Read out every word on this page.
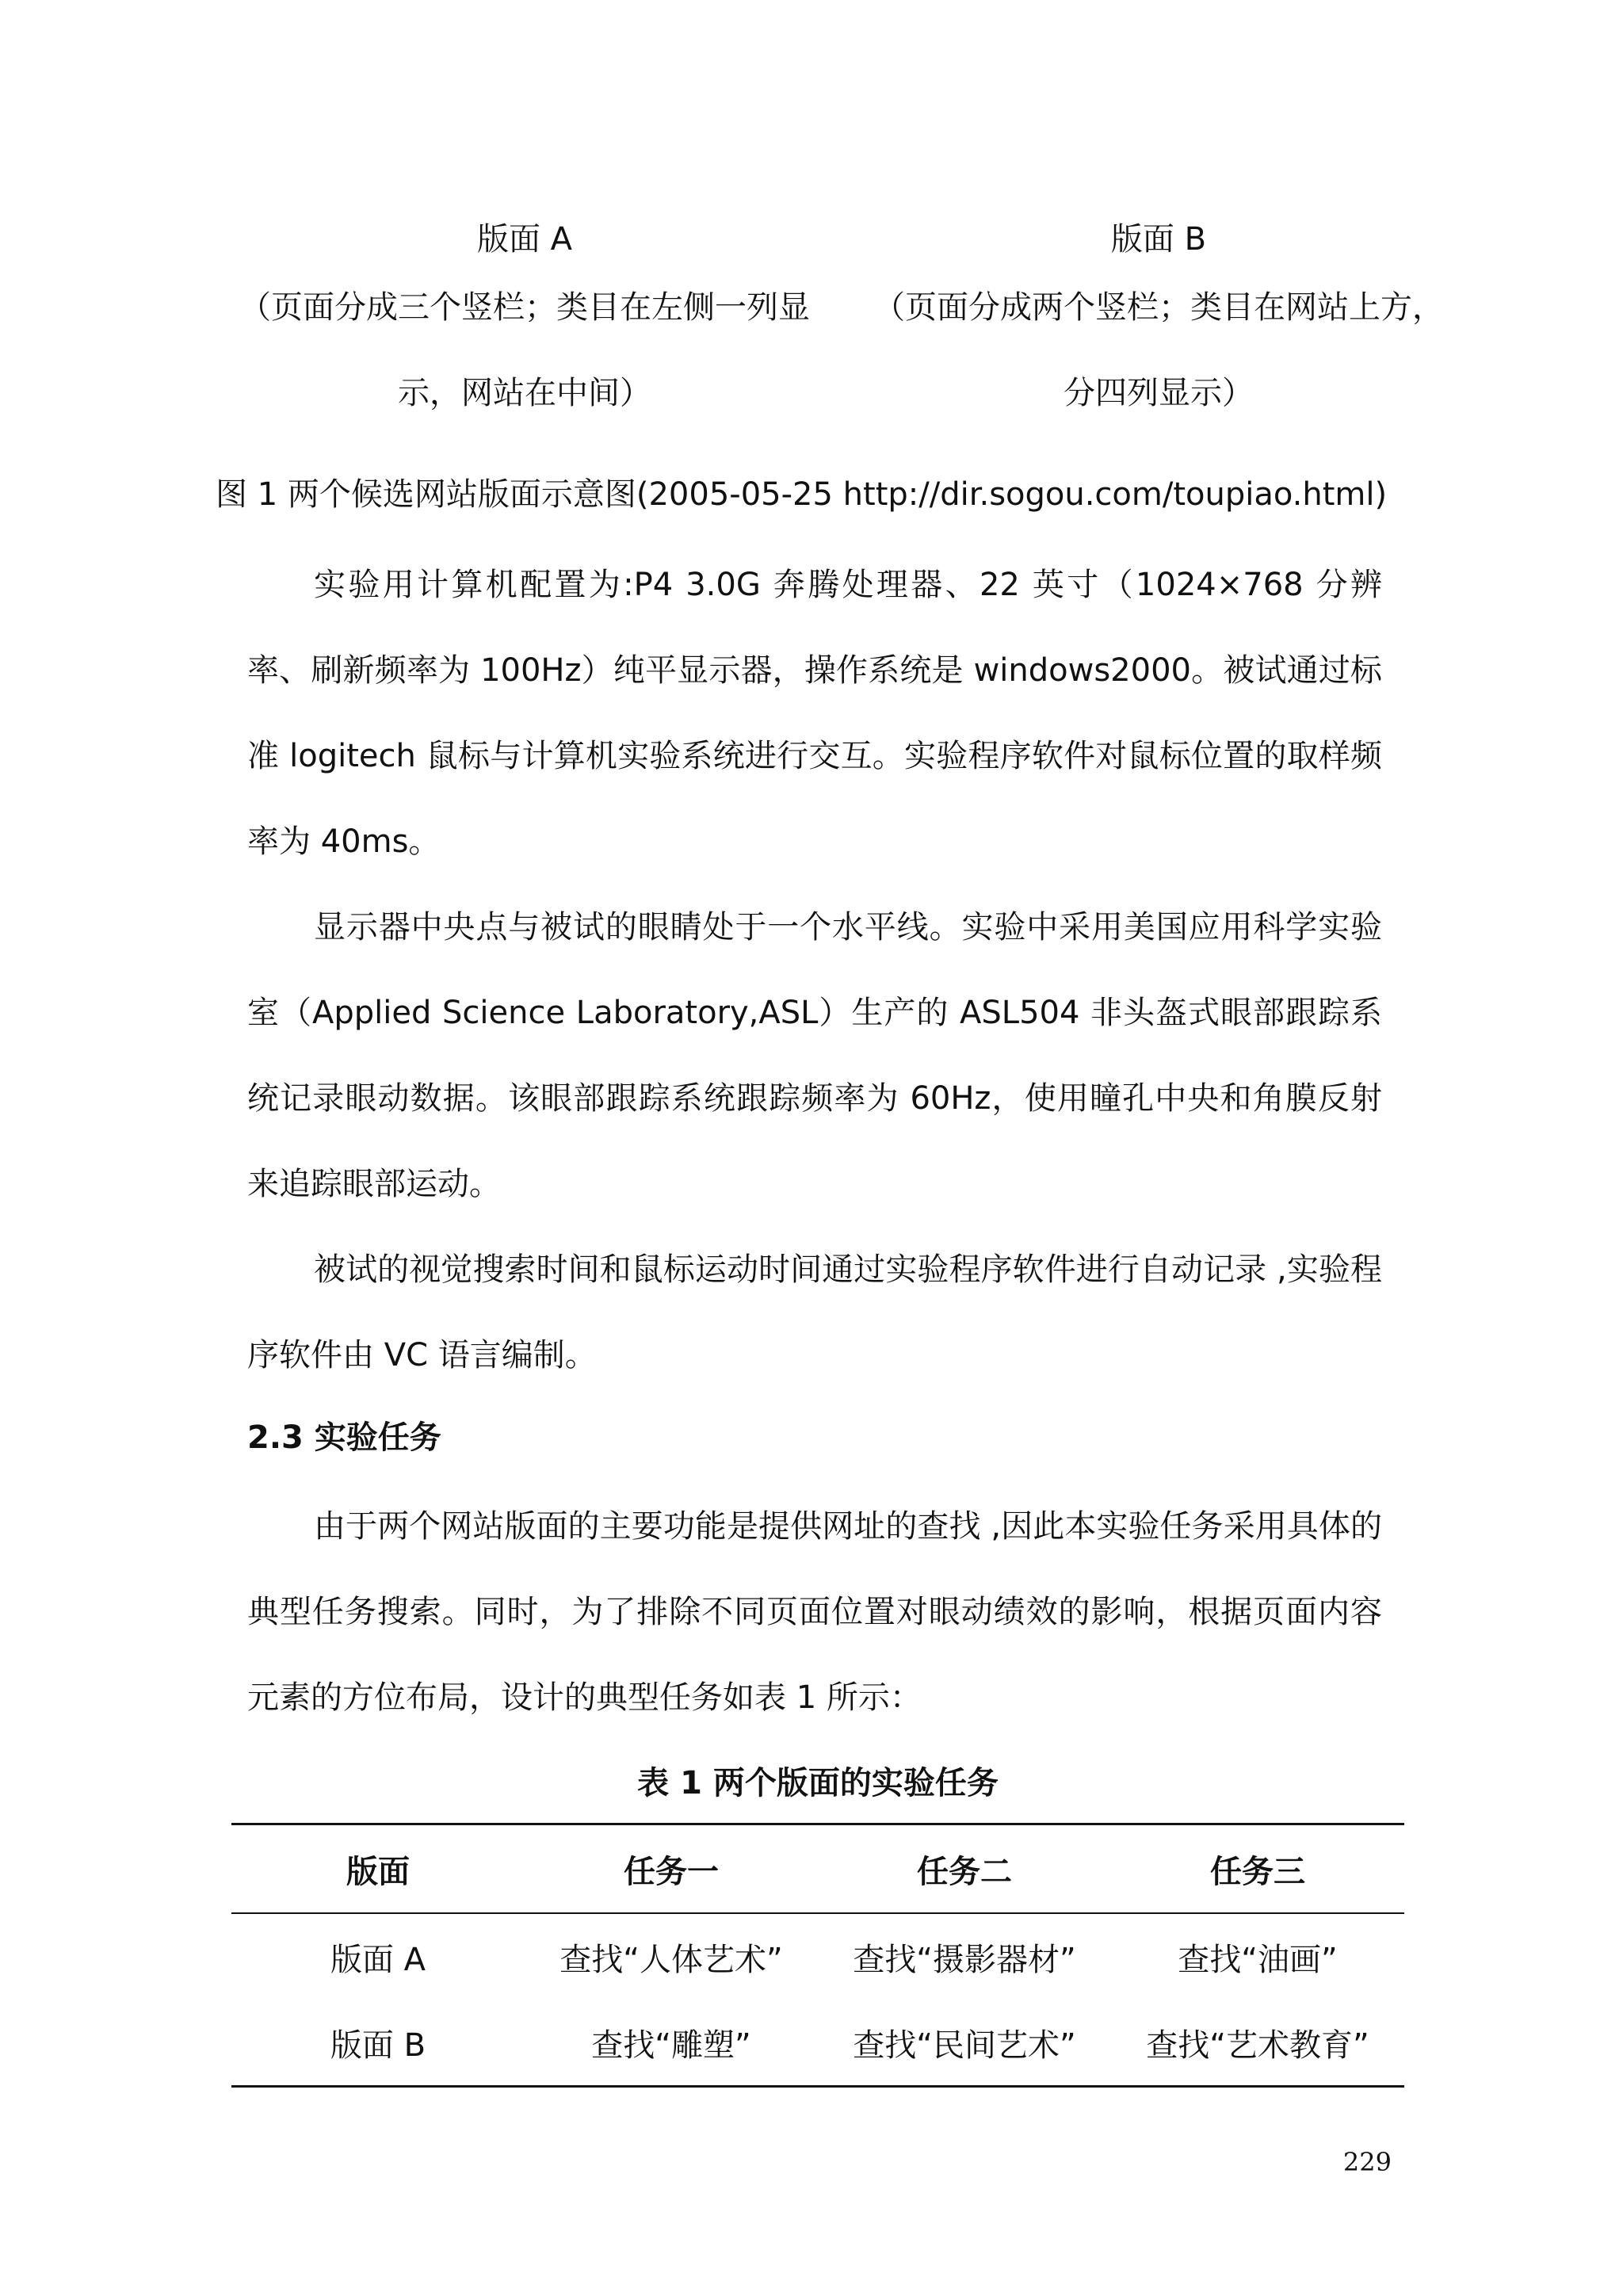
版面 A
（页面分成三个竖栏；类目在左侧一列显
示，网站在中间）
版面 B
（页面分成两个竖栏；类目在网站上方，
分四列显示）
图 1 两个候选网站版面示意图(2005-05-25 http://dir.sogou.com/toupiao.html)

实验用计算机配置为:P4 3.0G 奔腾处理器、22 英寸（1024×768 分辨率、刷新频率为 100Hz）纯平显示器，操作系统是 windows2000。被试通过标准 logitech 鼠标与计算机实验系统进行交互。实验程序软件对鼠标位置的取样频率为 40ms。

显示器中央点与被试的眼睛处于一个水平线。实验中采用美国应用科学实验室（Applied Science Laboratory,ASL）生产的 ASL504 非头盔式眼部跟踪系统记录眼动数据。该眼部跟踪系统跟踪频率为 60Hz，使用瞳孔中央和角膜反射来追踪眼部运动。

被试的视觉搜索时间和鼠标运动时间通过实验程序软件进行自动记录 ,实验程序软件由 VC 语言编制。

2.3 实验任务

由于两个网站版面的主要功能是提供网址的查找 ,因此本实验任务采用具体的典型任务搜索。同时，为了排除不同页面位置对眼动绩效的影响，根据页面内容元素的方位布局，设计的典型任务如表 1 所示：

表 1 两个版面的实验任务
版面	任务一	任务二	任务三
版面 A	查找“人体艺术”	查找“摄影器材”	查找“油画”
版面 B	查找“雕塑”	查找“民间艺术”	查找“艺术教育”
229
